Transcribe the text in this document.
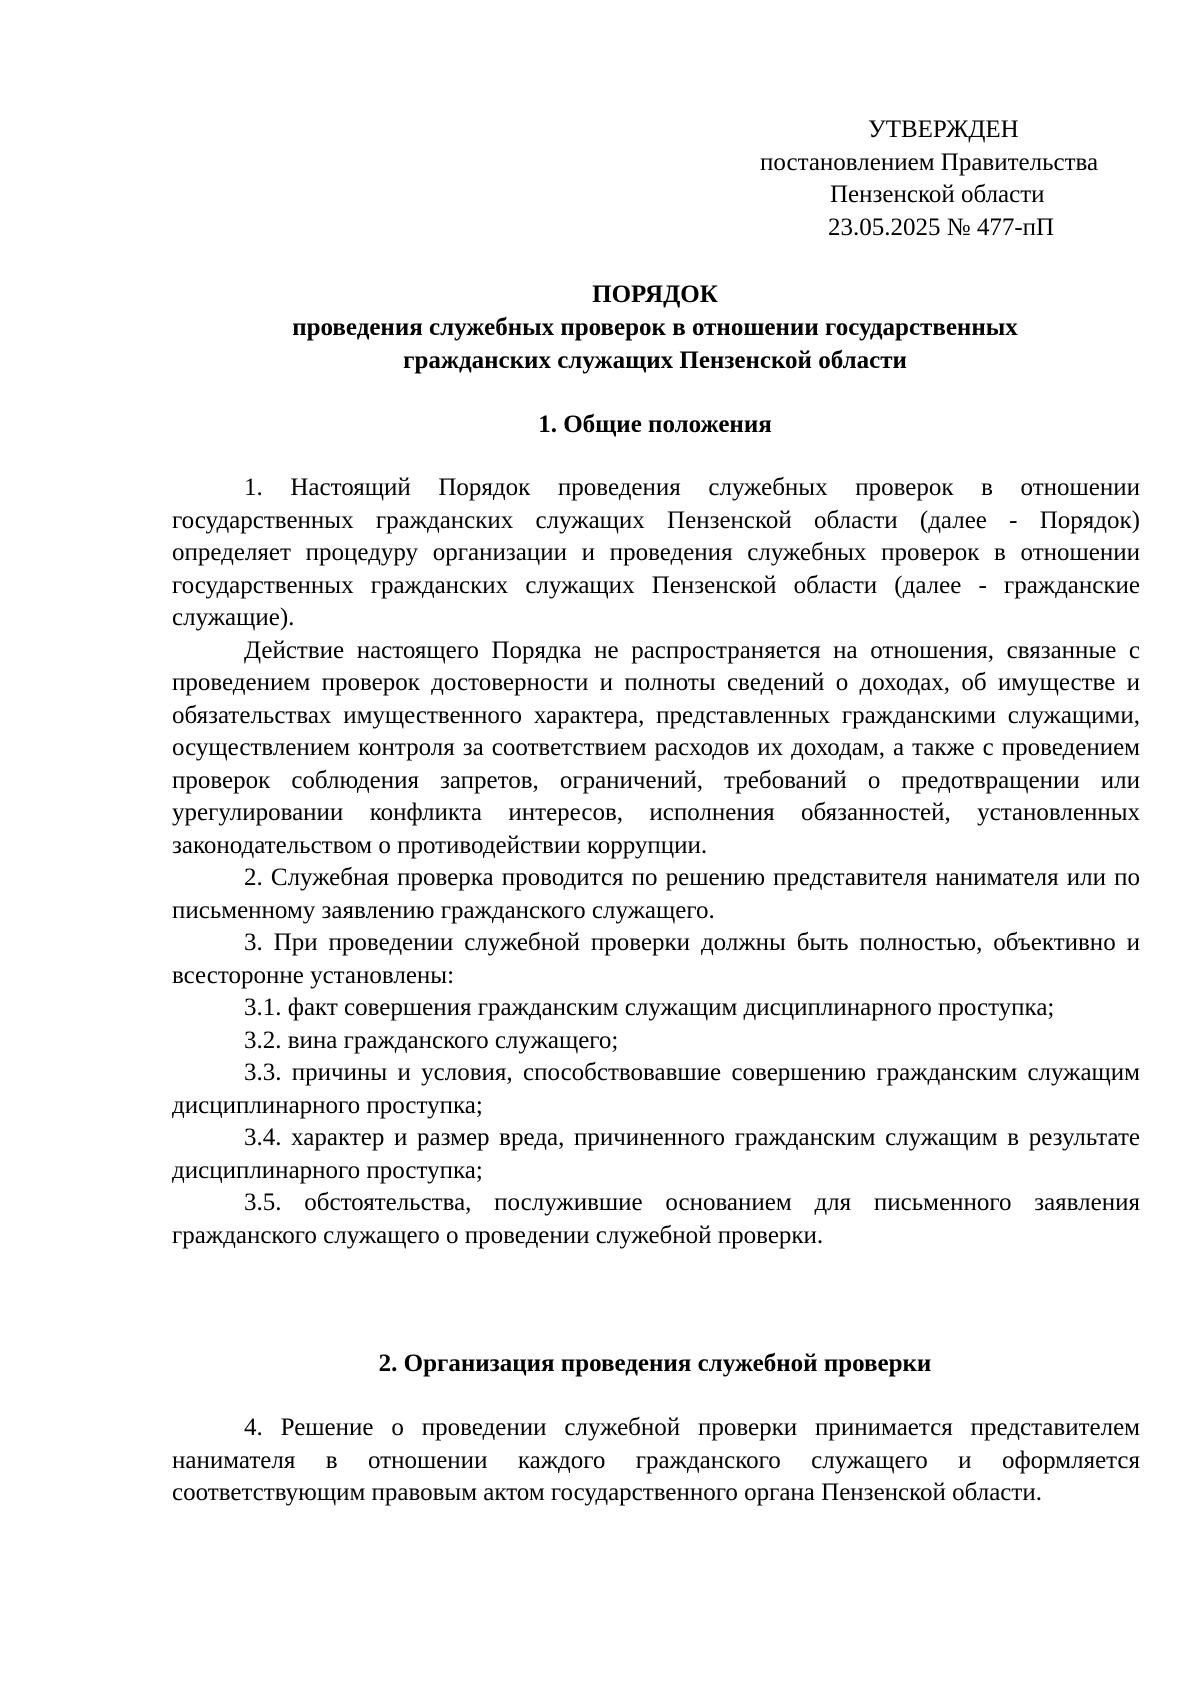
УТВЕРЖДЕН
постановлением Правительства
Пензенской области
23.05.2025 № 477-пП
ПОРЯДОК
проведения служебных проверок в отношении государственных
гражданских служащих Пензенской области
1. Общие положения

1. Настоящий Порядок проведения служебных проверок в отношении государственных гражданских служащих Пензенской области (далее - Порядок) определяет процедуру организации и проведения служебных проверок в отношении государственных гражданских служащих Пензенской области (далее - гражданские служащие).

Действие настоящего Порядка не распространяется на отношения, связанные с проведением проверок достоверности и полноты сведений о доходах, об имуществе и обязательствах имущественного характера, представленных гражданскими служащими, осуществлением контроля за соответствием расходов их доходам, а также с проведением проверок соблюдения запретов, ограничений, требований о предотвращении или урегулировании конфликта интересов, исполнения обязанностей, установленных законодательством о противодействии коррупции.

2. Служебная проверка проводится по решению представителя нанимателя или по письменному заявлению гражданского служащего.

3. При проведении служебной проверки должны быть полностью, объективно и всесторонне установлены:

3.1. факт совершения гражданским служащим дисциплинарного проступка;

3.2. вина гражданского служащего;

3.3. причины и условия, способствовавшие совершению гражданским служащим дисциплинарного проступка;

3.4. характер и размер вреда, причиненного гражданским служащим в результате дисциплинарного проступка;

3.5. обстоятельства, послужившие основанием для письменного заявления гражданского служащего о проведении служебной проверки.

2. Организация проведения служебной проверки

4. Решение о проведении служебной проверки принимается представителем нанимателя в отношении каждого гражданского служащего и оформляется соответствующим правовым актом государственного органа Пензенской области.
